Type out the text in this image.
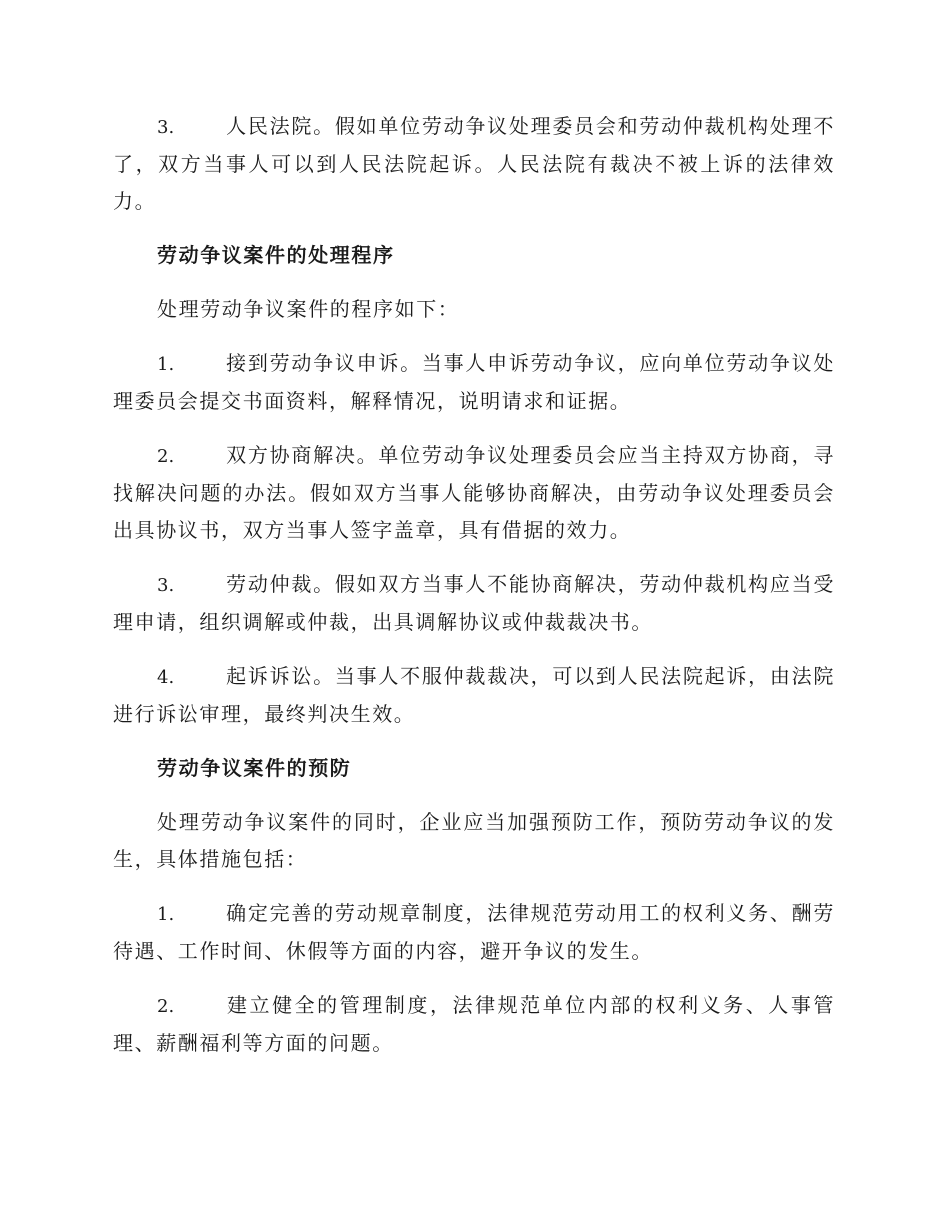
3.	人民法院。假如单位劳动争议处理委员会和劳动仲裁机构处理不了，双方当事人可以到人民法院起诉。人民法院有裁决不被上诉的法律效力。

劳动争议案件的处理程序

处理劳动争议案件的程序如下：

1.	接到劳动争议申诉。当事人申诉劳动争议，应向单位劳动争议处理委员会提交书面资料，解释情况，说明请求和证据。

2.	双方协商解决。单位劳动争议处理委员会应当主持双方协商，寻找解决问题的办法。假如双方当事人能够协商解决，由劳动争议处理委员会出具协议书，双方当事人签字盖章，具有借据的效力。

3.	劳动仲裁。假如双方当事人不能协商解决，劳动仲裁机构应当受理申请，组织调解或仲裁，出具调解协议或仲裁裁决书。

4.	起诉诉讼。当事人不服仲裁裁决，可以到人民法院起诉，由法院进行诉讼审理，最终判决生效。

劳动争议案件的预防

处理劳动争议案件的同时，企业应当加强预防工作，预防劳动争议的发生，具体措施包括：

1.	确定完善的劳动规章制度，法律规范劳动用工的权利义务、酬劳待遇、工作时间、休假等方面的内容，避开争议的发生。

2.	建立健全的管理制度，法律规范单位内部的权利义务、人事管理、薪酬福利等方面的问题。
